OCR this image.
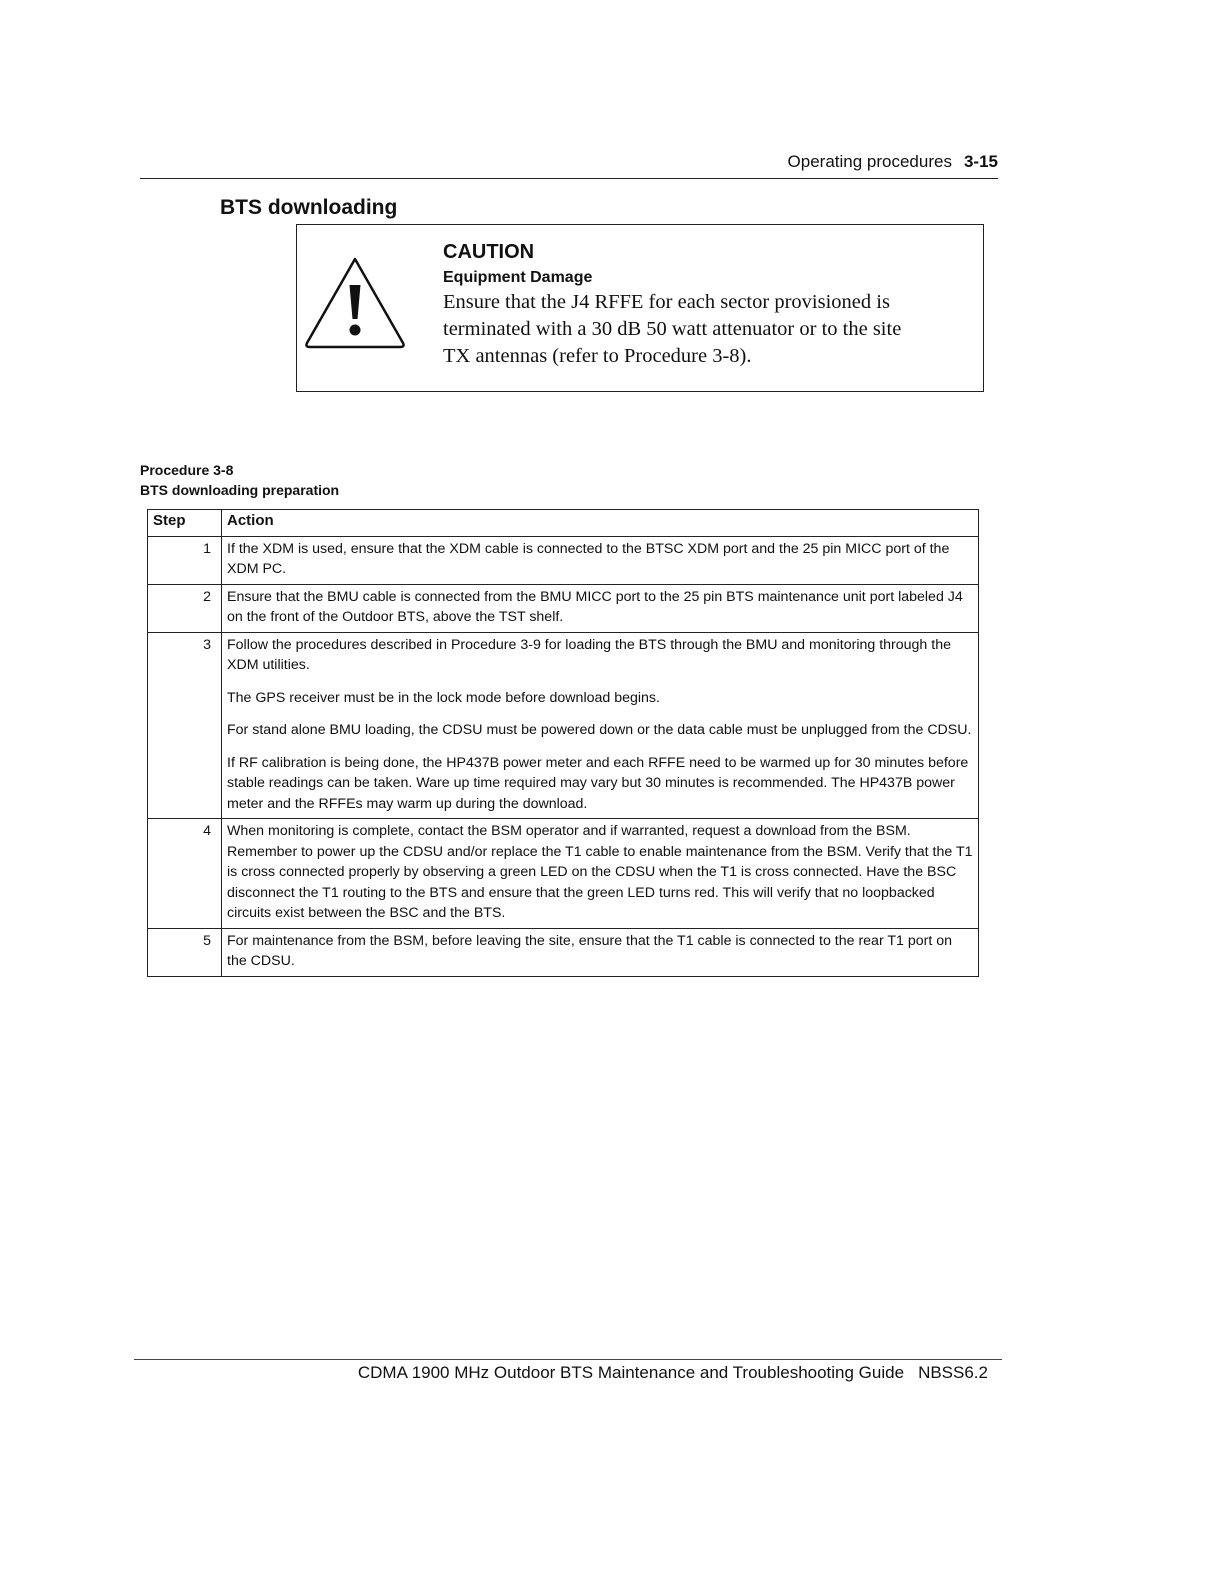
Operating procedures 3-15
BTS downloading
CAUTION
Equipment Damage

Ensure that the J4 RFFE for each sector provisioned is
terminated with a 30 dB 50 watt attenuator or to the site
TX antennas (refer to Procedure 3-8).

Procedure 3-8
BTS downloading preparation
Step	Action
1	If the XDM is used, ensure that the XDM cable is connected to the BTSC XDM port and the 25 pin MICC port of the XDM PC.

2	Ensure that the BMU cable is connected from the BMU MICC port to the 25 pin BTS maintenance unit port labeled J4 on the front of the Outdoor BTS, above the TST shelf.

3	Follow the procedures described in Procedure 3-9 for loading the BTS through the BMU and monitoring through the XDM utilities.

The GPS receiver must be in the lock mode before download begins.

For stand alone BMU loading, the CDSU must be powered down or the data cable must be unplugged from the CDSU.

If RF calibration is being done, the HP437B power meter and each RFFE need to be warmed up for 30 minutes before stable readings can be taken. Ware up time required may vary but 30 minutes is recommended. The HP437B power meter and the RFFEs may warm up during the download.

4	When monitoring is complete, contact the BSM operator and if warranted, request a download from the BSM. Remember to power up the CDSU and/or replace the T1 cable to enable maintenance from the BSM. Verify that the T1 is cross connected properly by observing a green LED on the CDSU when the T1 is cross connected. Have the BSC disconnect the T1 routing to the BTS and ensure that the green LED turns red. This will verify that no loopbacked circuits exist between the BSC and the BTS.

5	For maintenance from the BSM, before leaving the site, ensure that the T1 cable is connected to the rear T1 port on the CDSU.

CDMA 1900 MHz Outdoor BTS Maintenance and Troubleshooting Guide NBSS6.2
